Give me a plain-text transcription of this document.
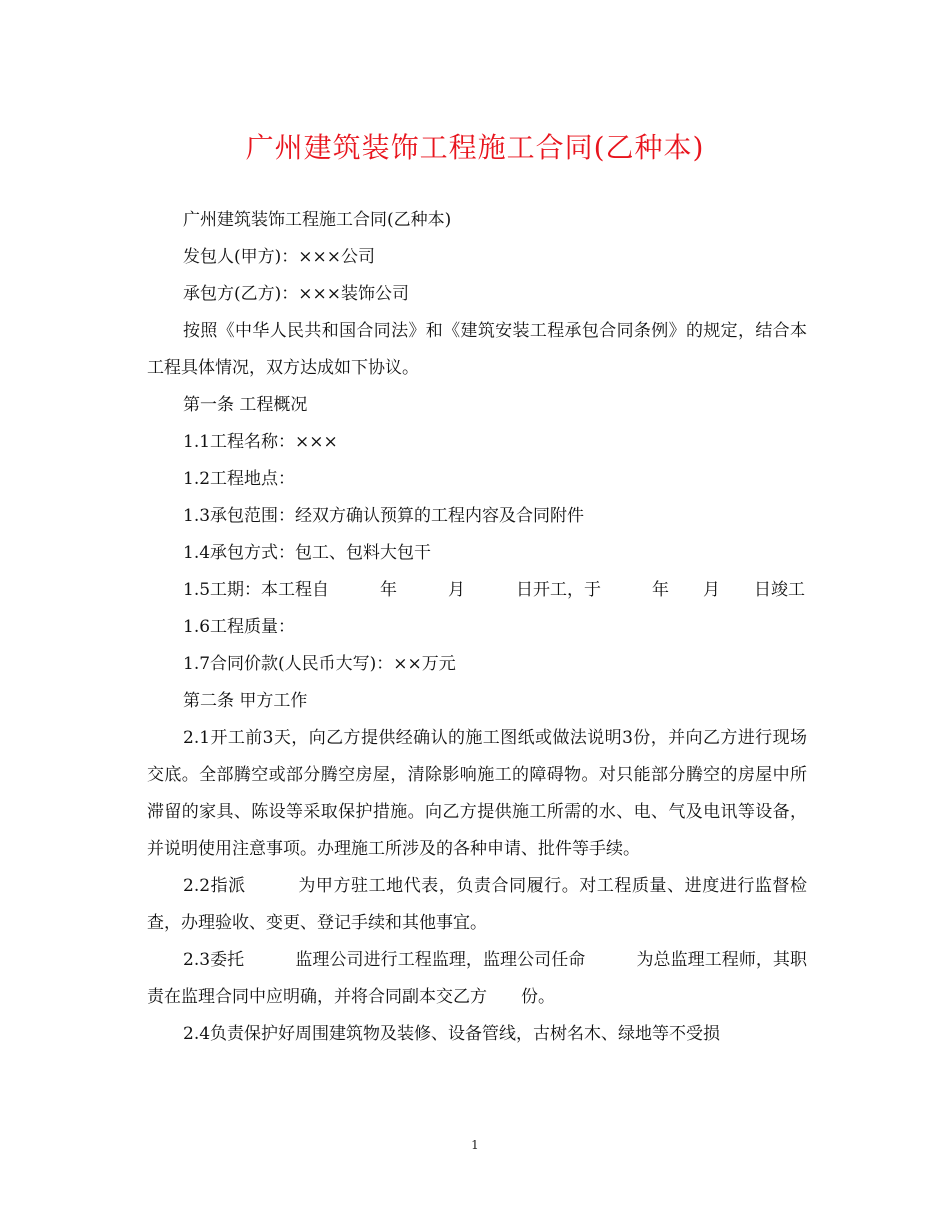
广州建筑装饰工程施工合同(乙种本)

广州建筑装饰工程施工合同(乙种本)

发包人(甲方)：×××公司

承包方(乙方)：×××装饰公司

按照《中华人民共和国合同法》和《建筑安装工程承包合同条例》的规定，结合本工程具体情况，双方达成如下协议。

第一条 工程概况

1.1工程名称：×××

1.2工程地点：

1.3承包范围：经双方确认预算的工程内容及合同附件

1.4承包方式：包工、包料大包干

1.5工期：本工程自　　　年　　　月　　　日开工，于　　　年　　月　　日竣工

1.6工程质量：

1.7合同价款(人民币大写)：××万元

第二条 甲方工作

2.1开工前3天，向乙方提供经确认的施工图纸或做法说明3份，并向乙方进行现场交底。全部腾空或部分腾空房屋，清除影响施工的障碍物。对只能部分腾空的房屋中所滞留的家具、陈设等采取保护措施。向乙方提供施工所需的水、电、气及电讯等设备，并说明使用注意事项。办理施工所涉及的各种申请、批件等手续。

2.2指派　　　为甲方驻工地代表，负责合同履行。对工程质量、进度进行监督检查，办理验收、变更、登记手续和其他事宜。

2.3委托　　　监理公司进行工程监理，监理公司任命　　　为总监理工程师，其职责在监理合同中应明确，并将合同副本交乙方　　份。

2.4负责保护好周围建筑物及装修、设备管线，古树名木、绿地等不受损

1
